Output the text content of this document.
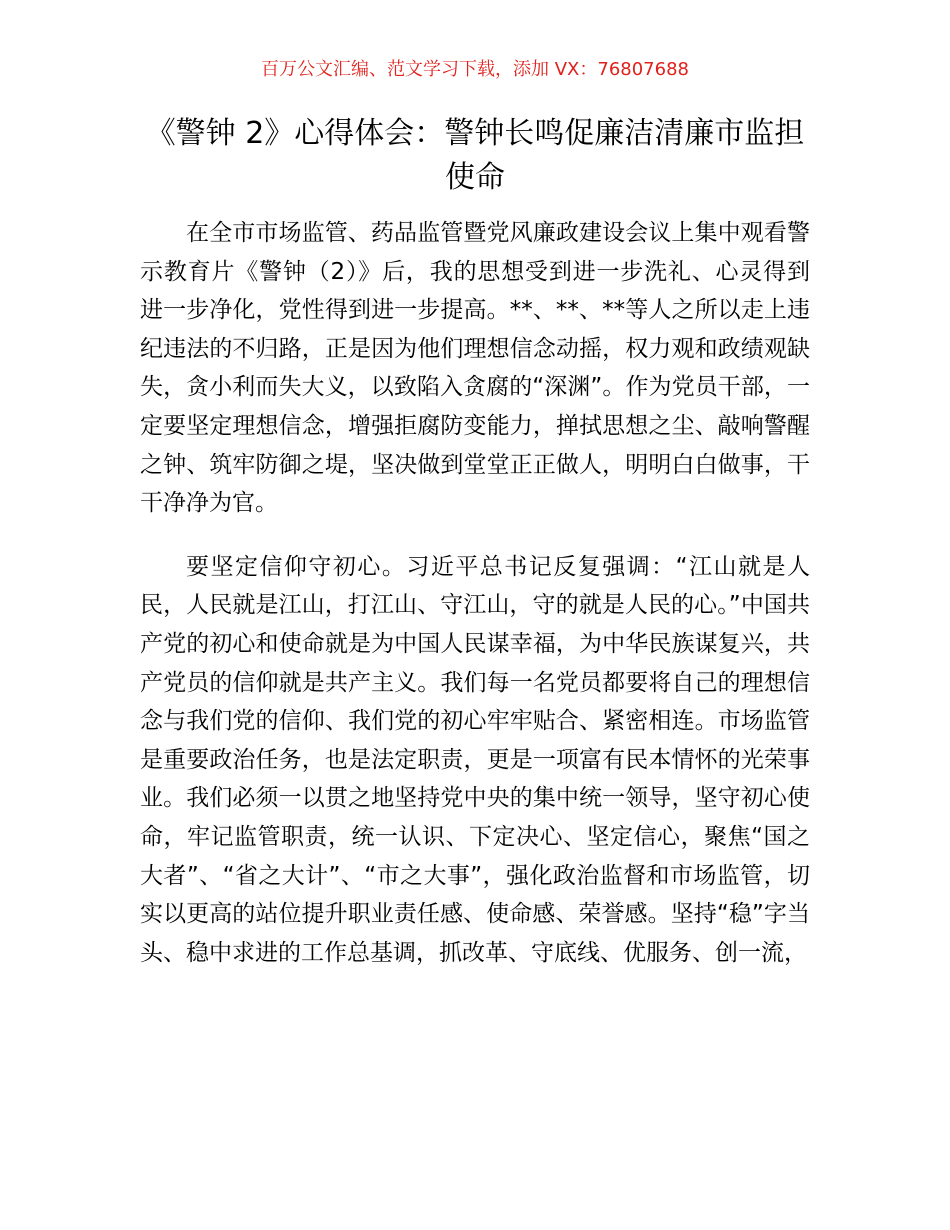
百万公文汇编、范文学习下载，添加 VX：76807688
《警钟 2》心得体会：警钟长鸣促廉洁清廉市监担使命

在全市市场监管、药品监管暨党风廉政建设会议上集中观看警示教育片《警钟（2）》后，我的思想受到进一步洗礼、心灵得到进一步净化，党性得到进一步提高。**、**、**等人之所以走上违纪违法的不归路，正是因为他们理想信念动摇，权力观和政绩观缺失，贪小利而失大义，以致陷入贪腐的“深渊”。作为党员干部，一定要坚定理想信念，增强拒腐防变能力，掸拭思想之尘、敲响警醒之钟、筑牢防御之堤，坚决做到堂堂正正做人，明明白白做事，干干净净为官。

要坚定信仰守初心。习近平总书记反复强调：“江山就是人民，人民就是江山，打江山、守江山，守的就是人民的心。”中国共产党的初心和使命就是为中国人民谋幸福，为中华民族谋复兴，共产党员的信仰就是共产主义。我们每一名党员都要将自己的理想信念与我们党的信仰、我们党的初心牢牢贴合、紧密相连。市场监管是重要政治任务，也是法定职责，更是一项富有民本情怀的光荣事业。我们必须一以贯之地坚持党中央的集中统一领导，坚守初心使命，牢记监管职责，统一认识、下定决心、坚定信心，聚焦“国之大者”、“省之大计”、“市之大事”，强化政治监督和市场监管，切实以更高的站位提升职业责任感、使命感、荣誉感。坚持“稳”字当头、稳中求进的工作总基调，抓改革、守底线、优服务、创一流，
